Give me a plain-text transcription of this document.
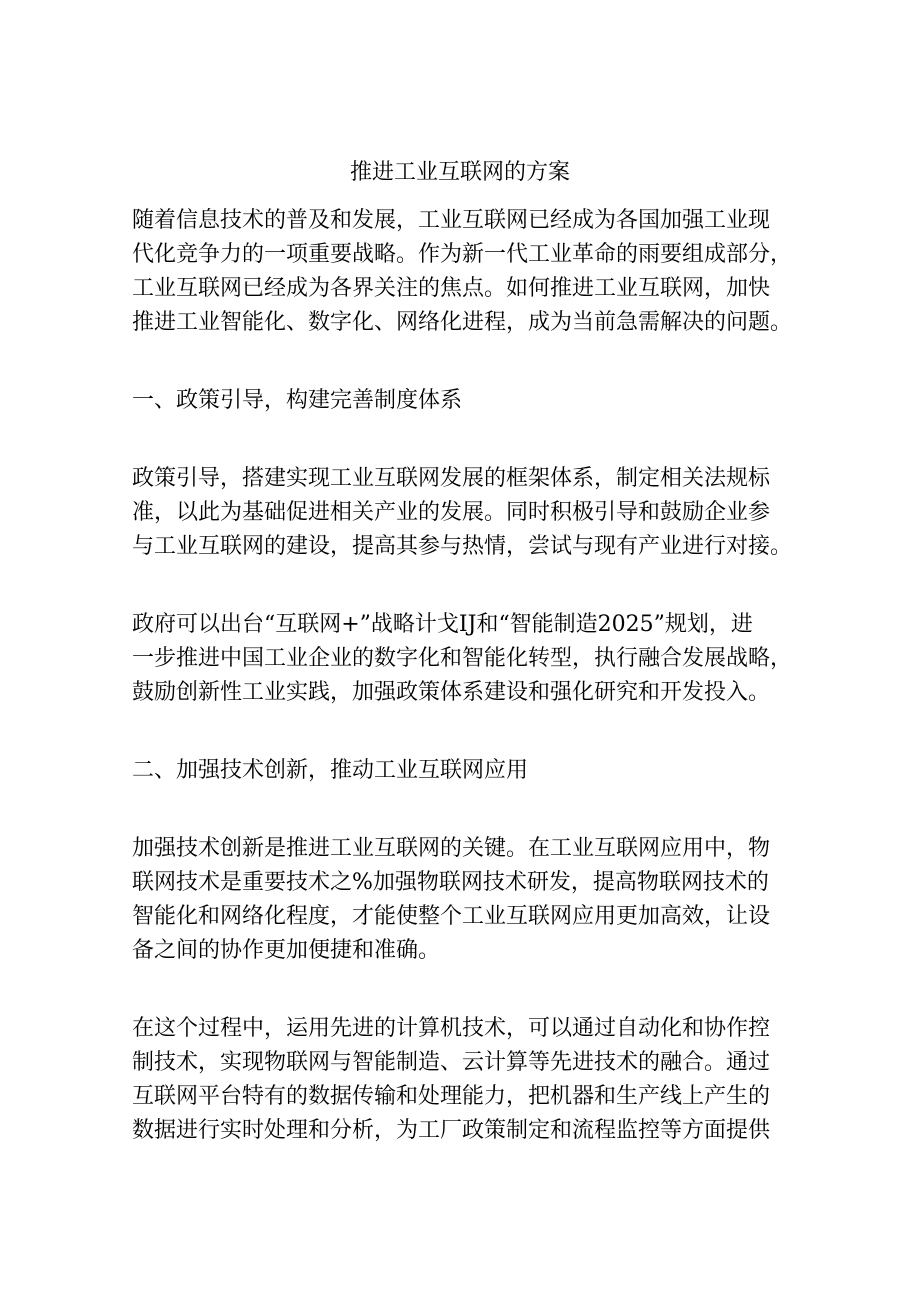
推进工业互联网的方案

随着信息技术的普及和发展，工业互联网已经成为各国加强工业现
代化竞争力的一项重要战略。作为新一代工业革命的雨要组成部分，
工业互联网已经成为各界关注的焦点。如何推进工业互联网，加快
推进工业智能化、数字化、网络化进程，成为当前急需解决的问题。

一、政策引导，构建完善制度体系

政策引导，搭建实现工业互联网发展的框架体系，制定相关法规标
准，以此为基础促进相关产业的发展。同时积极引导和鼓励企业参
与工业互联网的建设，提高其参与热情，尝试与现有产业进行对接。

政府可以出台“互联网+”战略计戈IJ和“智能制造2025”规划，进
一步推进中国工业企业的数字化和智能化转型，执行融合发展战略，
鼓励创新性工业实践，加强政策体系建设和强化研究和开发投入。

二、加强技术创新，推动工业互联网应用

加强技术创新是推进工业互联网的关键。在工业互联网应用中，物
联网技术是重要技术之%加强物联网技术研发，提高物联网技术的
智能化和网络化程度，才能使整个工业互联网应用更加高效，让设
备之间的协作更加便捷和准确。

在这个过程中，运用先进的计算机技术，可以通过自动化和协作控
制技术，实现物联网与智能制造、云计算等先进技术的融合。通过
互联网平台特有的数据传输和处理能力，把机器和生产线上产生的
数据进行实时处理和分析，为工厂政策制定和流程监控等方面提供
